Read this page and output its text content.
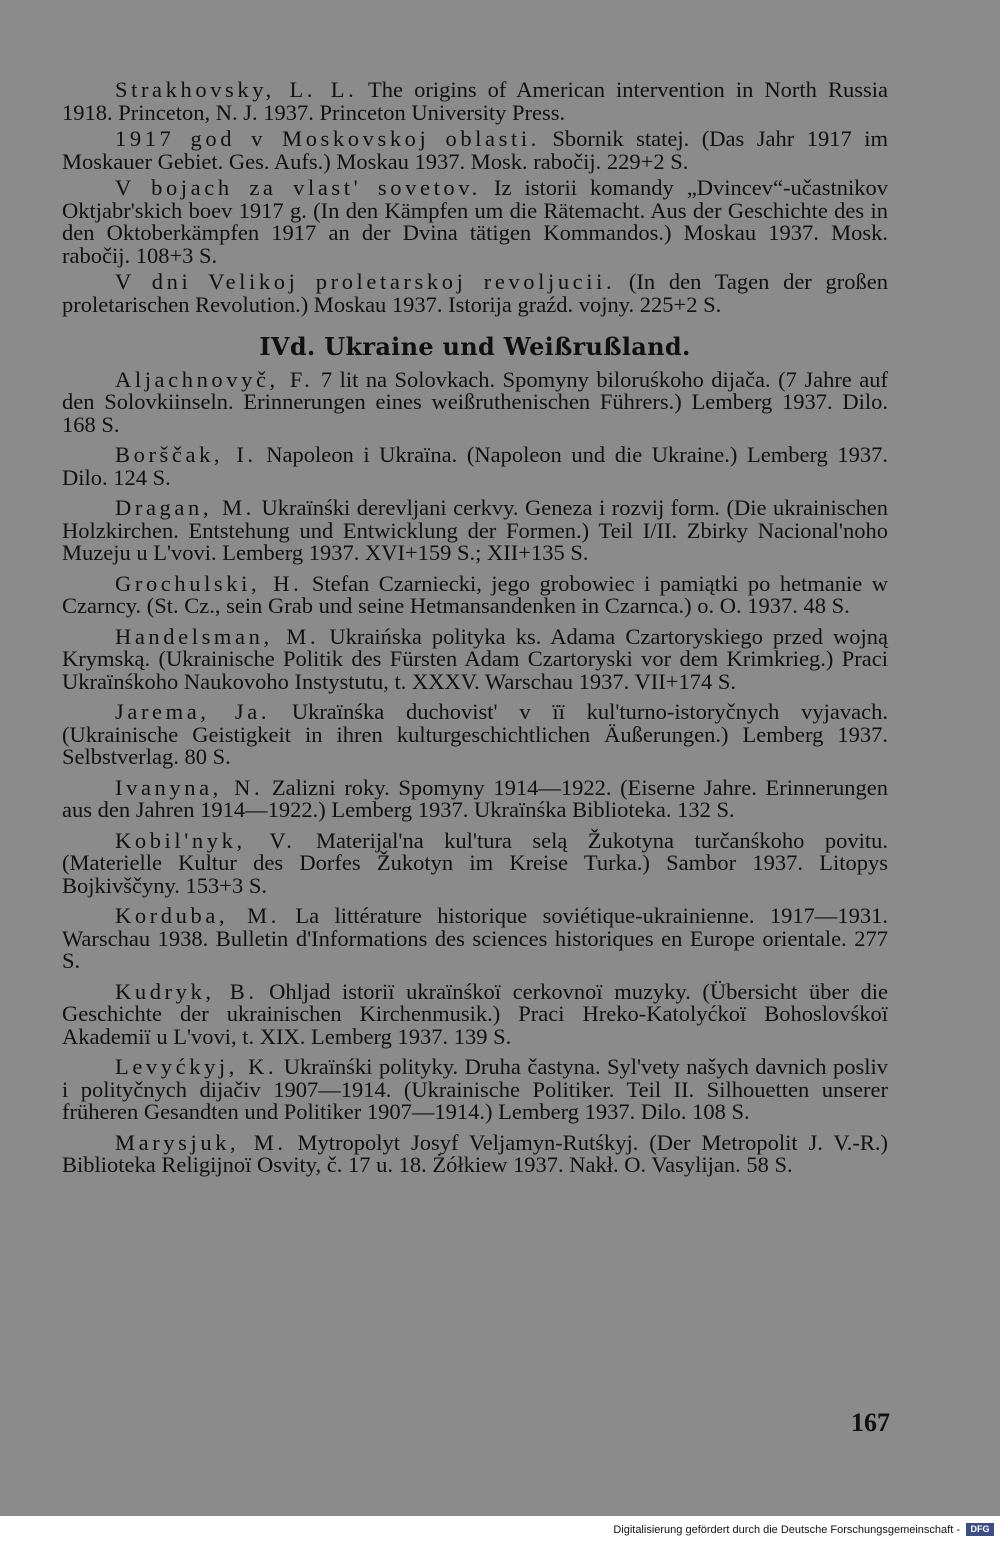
Strakhovsky, L. L. The origins of American intervention in North Russia 1918. Princeton, N. J. 1937. Princeton University Press.

1917 god v Moskovskoj oblasti. Sbornik statej. (Das Jahr 1917 im Moskauer Gebiet. Ges. Aufs.) Moskau 1937. Mosk. rabočij. 229+2 S.

V bojach za vlast' sovetov. Iz istorii komandy „Dvincev“-učastnikov Oktjabr'skich boev 1917 g. (In den Kämpfen um die Rätemacht. Aus der Geschichte des in den Oktoberkämpfen 1917 an der Dvina tätigen Kommandos.) Moskau 1937. Mosk. rabočij. 108+3 S.

V dni Velikoj proletarskoj revoljucii. (In den Tagen der großen proletarischen Revolution.) Moskau 1937. Istorija graźd. vojny. 225+2 S.

IVd. Ukraine und Weißrußland.

Aljachnovyč, F. 7 lit na Solovkach. Spomyny biloruśkoho dijača. (7 Jahre auf den Solovkiinseln. Erinnerungen eines weißruthenischen Führers.) Lemberg 1937. Dilo. 168 S.

Borščak, I. Napoleon i Ukraïna. (Napoleon und die Ukraine.) Lemberg 1937. Dilo. 124 S.

Dragan, M. Ukraïnśki derevljani cerkvy. Geneza i rozvij form. (Die ukrainischen Holzkirchen. Entstehung und Entwicklung der Formen.) Teil I/II. Zbirky Nacional'noho Muzeju u L'vovi. Lemberg 1937. XVI+159 S.; XII+135 S.

Grochulski, H. Stefan Czarniecki, jego grobowiec i pamiątki po hetmanie w Czarncy. (St. Cz., sein Grab und seine Hetmansandenken in Czarnca.) o. O. 1937. 48 S.

Handelsman, M. Ukraińska polityka ks. Adama Czartoryskiego przed wojną Krymską. (Ukrainische Politik des Fürsten Adam Czartoryski vor dem Krimkrieg.) Praci Ukraïnśkoho Naukovoho Instystutu, t. XXXV. Warschau 1937. VII+174 S.

Jarema, Ja. Ukraïnśka duchovist' v ïï kul'turno-istoryčnych vyjavach. (Ukrainische Geistigkeit in ihren kulturgeschichtlichen Äußerungen.) Lemberg 1937. Selbstverlag. 80 S.

Ivanyna, N. Zalizni roky. Spomyny 1914—1922. (Eiserne Jahre. Erinnerungen aus den Jahren 1914—1922.) Lemberg 1937. Ukraïnśka Biblioteka. 132 S.

Kobil'nyk, V. Materijal'na kul'tura selą Žukotyna turčanśkoho povitu. (Materielle Kultur des Dorfes Žukotyn im Kreise Turka.) Sambor 1937. Litopys Bojkivščyny. 153+3 S.

Korduba, M. La littérature historique soviétique-ukrainienne. 1917—1931. Warschau 1938. Bulletin d'Informations des sciences historiques en Europe orientale. 277 S.

Kudryk, B. Ohljad istoriï ukraïnśkoï cerkovnoï muzyky. (Übersicht über die Geschichte der ukrainischen Kirchenmusik.) Praci Hreko-Katolyćkoï Bohoslovśkoï Akademiï u L'vovi, t. XIX. Lemberg 1937. 139 S.

Levyćkyj, K. Ukraïnśki polityky. Druha častyna. Syl'vety našych davnich posliv i polityčnych dijačiv 1907—1914. (Ukrainische Politiker. Teil II. Silhouetten unserer früheren Gesandten und Politiker 1907—1914.) Lemberg 1937. Dilo. 108 S.

Marysjuk, M. Mytropolyt Josyf Veljamyn-Rutśkyj. (Der Metropolit J. V.-R.) Biblioteka Religijnoï Osvity, č. 17 u. 18. Żółkiew 1937. Nakł. O. Vasylijan. 58 S.

167
Digitalisierung gefördert durch die Deutsche Forschungsgemeinschaft -	DFG
